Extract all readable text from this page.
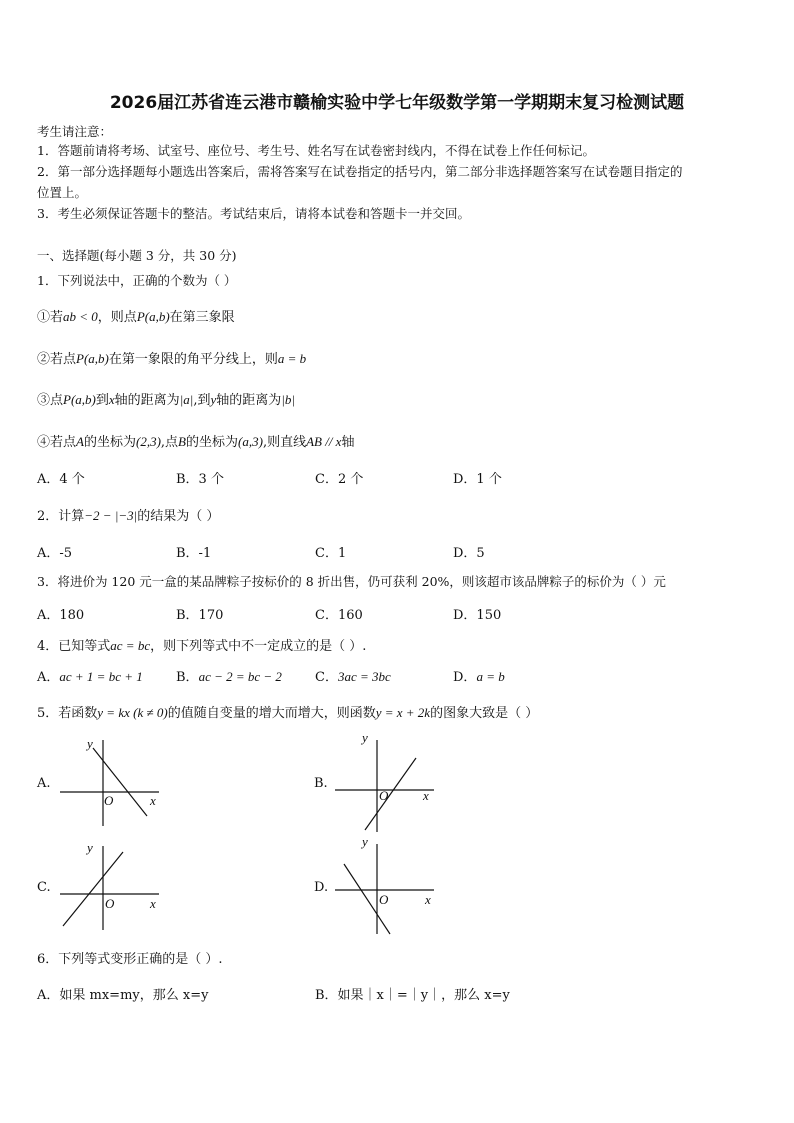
2026届江苏省连云港市赣榆实验中学七年级数学第一学期期末复习检测试题
考生请注意：
1．答题前请将考场、试室号、座位号、考生号、姓名写在试卷密封线内，不得在试卷上作任何标记。
2．第一部分选择题每小题选出答案后，需将答案写在试卷指定的括号内，第二部分非选择题答案写在试卷题目指定的
位置上。
3．考生必须保证答题卡的整洁。考试结束后，请将本试卷和答题卡一并交回。
一、选择题(每小题 3 分，共 30 分)
1．下列说法中，正确的个数为（ ）
①若ab < 0，则点P(a,b)在第三象限
②若点P(a,b)在第一象限的角平分线上，则a = b
③点P(a,b)到x轴的距离为|a|,到y轴的距离为|b|
④若点A的坐标为(2,3),点B的坐标为(a,3),则直线AB // x轴
A．4 个	B．3 个	C．2 个	D．1 个
2．计算−2 − |−3|的结果为（ ）
A．-5	B．-1	C．1	D．5
3．将进价为 120 元一盒的某品牌粽子按标价的 8 折出售，仍可获利 20%，则该超市该品牌粽子的标价为（ ）元
A．180	B．170	C．160	D．150
4．已知等式ac = bc，则下列等式中不一定成立的是（ ）.
A．ac + 1 = bc + 1	B．ac − 2 = bc − 2	C．3ac = 3bc	D．a = b
5．若函数y = kx (k ≠ 0)的值随自变量的增大而增大，则函数y = x + 2k的图象大致是（ ）
A.	B.
C.	D.
y
x
O
y
x
O
y
x
O
y
x
O
6．下列等式变形正确的是（ ）.
A．如果 mx=my，那么 x=y	B．如果｜x｜=｜y｜，那么 x=y
